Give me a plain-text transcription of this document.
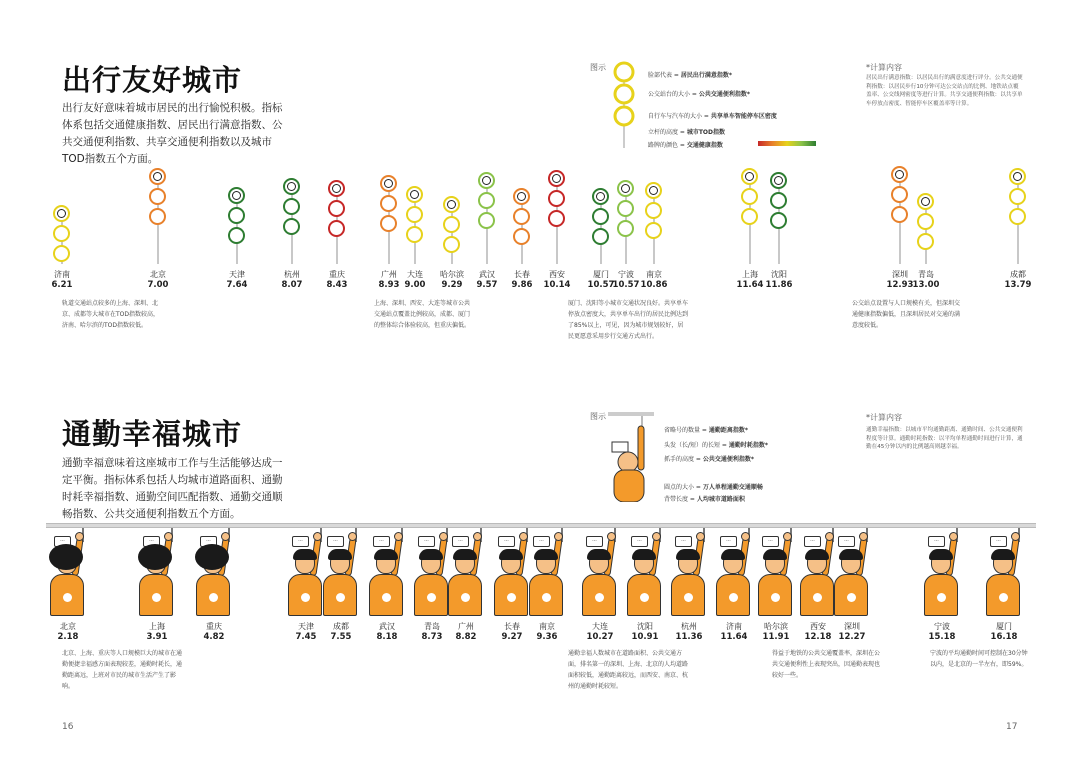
出行友好城市
出行友好意味着城市居民的出行愉悦积极。指标体系包括交通健康指数、居民出行满意指数、公共交通便利指数、共享交通便利指数以及城市TOD指数五个方面。
图示
脸部代表 = 居民出行满意指数*
公交站台的大小 = 公共交通便利指数*
自行车与汽车的大小 = 共享单车智能停车区密度
立杆的高度 = 城市TOD指数
路牌的颜色 = 交通健康指数
*计算内容
居民出行满意指数：以居民出行的满意度进行评分。公共交通便利指数：以居民步行10分钟可达公交站点的比例、地铁站点覆盖率、公交线网密度等进行计算。共享交通便利指数：以共享单车停放点密度、智能停车区覆盖率等计算。
济南
6.21
北京
7.00
天津
7.64
杭州
8.07
重庆
8.43
广州
8.93
大连
9.00
哈尔滨
9.29
武汉
9.57
长春
9.86
西安
10.14
厦门
10.57
宁波
10.57
南京
10.86
上海
11.64
沈阳
11.86
深圳
12.93
青岛
13.00
成都
13.79
轨道交通站点较多的上海、深圳、北京、成都等大城市在TOD指数较高，济南、哈尔滨的TOD指数较低。
上海、深圳、西安、大连等城市公共交通站点覆盖比例较高，成都、厦门的整体综合体验较高，但重庆偏低。
厦门、沈阳等小城市交通状况良好。共享单车停放点密度大，共享单车出行的居民比例达到了85%以上，可见，因为城市规划较好，居民更愿意采用步行交通方式出行。
公交站点设置与人口规模有关，但深圳交通健康指数偏低，且深圳居民对交通的满意度较低。
通勤幸福城市
通勤幸福意味着这座城市工作与生活能够达成一定平衡。指标体系包括人均城市道路面积、通勤时耗幸福指数、通勤空间匹配指数、通勤交通顺畅指数、公共交通便利指数五个方面。
图示
省略号的数量 = 通勤距离指数*
头发（长/短）的长短 = 通勤时耗指数*
抓手的高度 = 公共交通便利指数*
圆点的大小 = 万人单程通勤交通顺畅
背带长度 = 人均城市道路面积
*计算内容
通勤幸福指数：以城市平均通勤距离、通勤时间、公共交通便利程度等计算。通勤时耗指数：以平均单程通勤时间进行计算，通勤在45分钟以内的比例越高则越幸福。
···	···	···	···	···	···	···	···	···	···	···	···	···	···	···	···	···	···	···
北京
2.18
上海
3.91
重庆
4.82
天津
7.45
成都
7.55
武汉
8.18
青岛
8.73
广州
8.82
长春
9.27
南京
9.36
大连
10.27
沈阳
10.91
杭州
11.36
济南
11.64
哈尔滨
11.91
西安
12.18
深圳
12.27
宁波
15.18
厦门
16.18
北京、上海、重庆等人口规模巨大的城市在通勤便捷幸福感方面表现较差，通勤时耗长，通勤距离远，上班对市民的城市生活产生了影响。
通勤幸福人数城市在道路面积、公共交通方面，排名第一的深圳、上海、北京的人均道路面积较低，通勤距离较远，而西安、南京、杭州的通勤时耗较短。
得益于地铁的公共交通覆盖率，深圳在公共交通便利性上表现突出，因通勤表现也较好一些。
宁波的平均通勤时间可控制在30分钟以内，是北京的一半左右，即59%。
16	17
